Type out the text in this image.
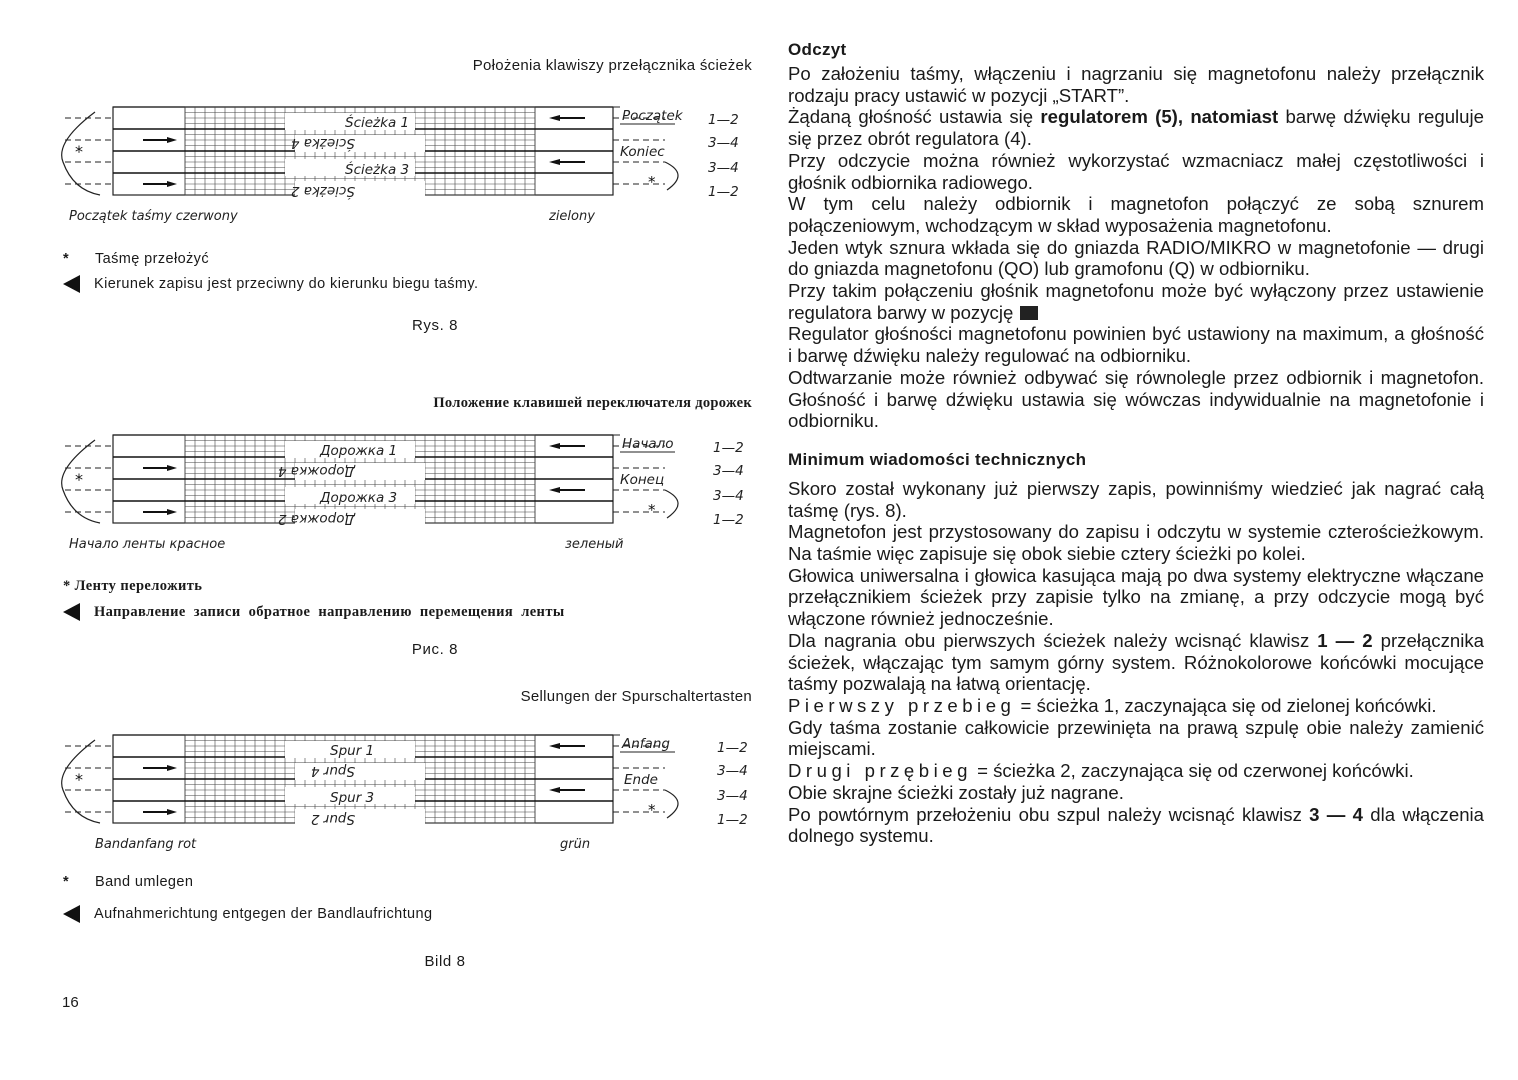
Położenia klawiszy przełącznika ścieżek
*
*
Ścieżka 1
Ścieżka 4
Ścieżka 3
Ścieżka 2
Początek
Koniec
Początek taśmy czerwony	zielony
1—2
3—4
3—4
1—2
*	Taśmę przełożyć
Kierunek zapisu jest przeciwny do kierunku biegu taśmy.
Rys. 8
Положение клавишей переключателя дорожек
*
*
Дорожка 1
Дорожка 4
Дорожка 3
Дорожка 2
Начало
Конец
Начало ленты красное	зеленый
1—2
3—4
3—4
1—2
* Ленту переложить
Направление записи обратное направлению перемещения ленты
Рис. 8
Sellungen der Spurschaltertasten
*
*
Spur 1
Spur 4
Spur 3
Spur 2
Anfang
Ende
Bandanfang rot	grün
1—2
3—4
3—4
1—2
*	Band umlegen
Aufnahmerichtung entgegen der Bandlaufrichtung
Bild 8
16
Odczyt

Po założeniu taśmy, włączeniu i nagrzaniu się magnetofonu należy przełącznik rodzaju pracy ustawić w pozycji „START”.

Żądaną głośność ustawia się regulatorem (5), natomiast barwę dźwięku reguluje się przez obrót regulatora (4).

Przy odczycie można również wykorzystać wzmacniacz małej częstotliwości i głośnik odbiornika radiowego.

W tym celu należy odbiornik i magnetofon połączyć ze sobą sznurem połączeniowym, wchodzącym w skład wyposażenia magnetofonu.

Jeden wtyk sznura wkłada się do gniazda RADIO/MIKRO w magnetofonie — drugi do gniazda magnetofonu (QO) lub gramofonu (Q) w odbiorniku.

Przy takim połączeniu głośnik magnetofonu może być wyłączony przez ustawienie regulatora barwy w pozycję

Regulator głośności magnetofonu powinien być ustawiony na maximum, a głośność i barwę dźwięku należy regulować na odbiorniku.

Odtwarzanie może również odbywać się równolegle przez odbiornik i magnetofon. Głośność i barwę dźwięku ustawia się wówczas indywidualnie na magnetofonie i odbiorniku.

Minimum wiadomości technicznych

Skoro został wykonany już pierwszy zapis, powinniśmy wiedzieć jak nagrać całą taśmę (rys. 8).

Magnetofon jest przystosowany do zapisu i odczytu w systemie czterościeżkowym. Na taśmie więc zapisuje się obok siebie cztery ścieżki po kolei.

Głowica uniwersalna i głowica kasująca mają po dwa systemy elektryczne włączane przełącznikiem ścieżek przy zapisie tylko na zmianę, a przy odczycie mogą być włączone również jednocześnie.

Dla nagrania obu pierwszych ścieżek należy wcisnąć klawisz 1 — 2 przełącznika ścieżek, włączając tym samym górny system. Różnokolorowe końcówki mocujące taśmy pozwalają na łatwą orientację.

Pierwszy przebieg = ścieżka 1, zaczynająca się od zielonej końcówki.

Gdy taśma zostanie całkowicie przewinięta na prawą szpulę obie należy zamienić miejscami.

Drugi przębieg = ścieżka 2, zaczynająca się od czerwonej końcówki.

Obie skrajne ścieżki zostały już nagrane.

Po powtórnym przełożeniu obu szpul należy wcisnąć klawisz 3 — 4 dla włączenia dolnego systemu.
